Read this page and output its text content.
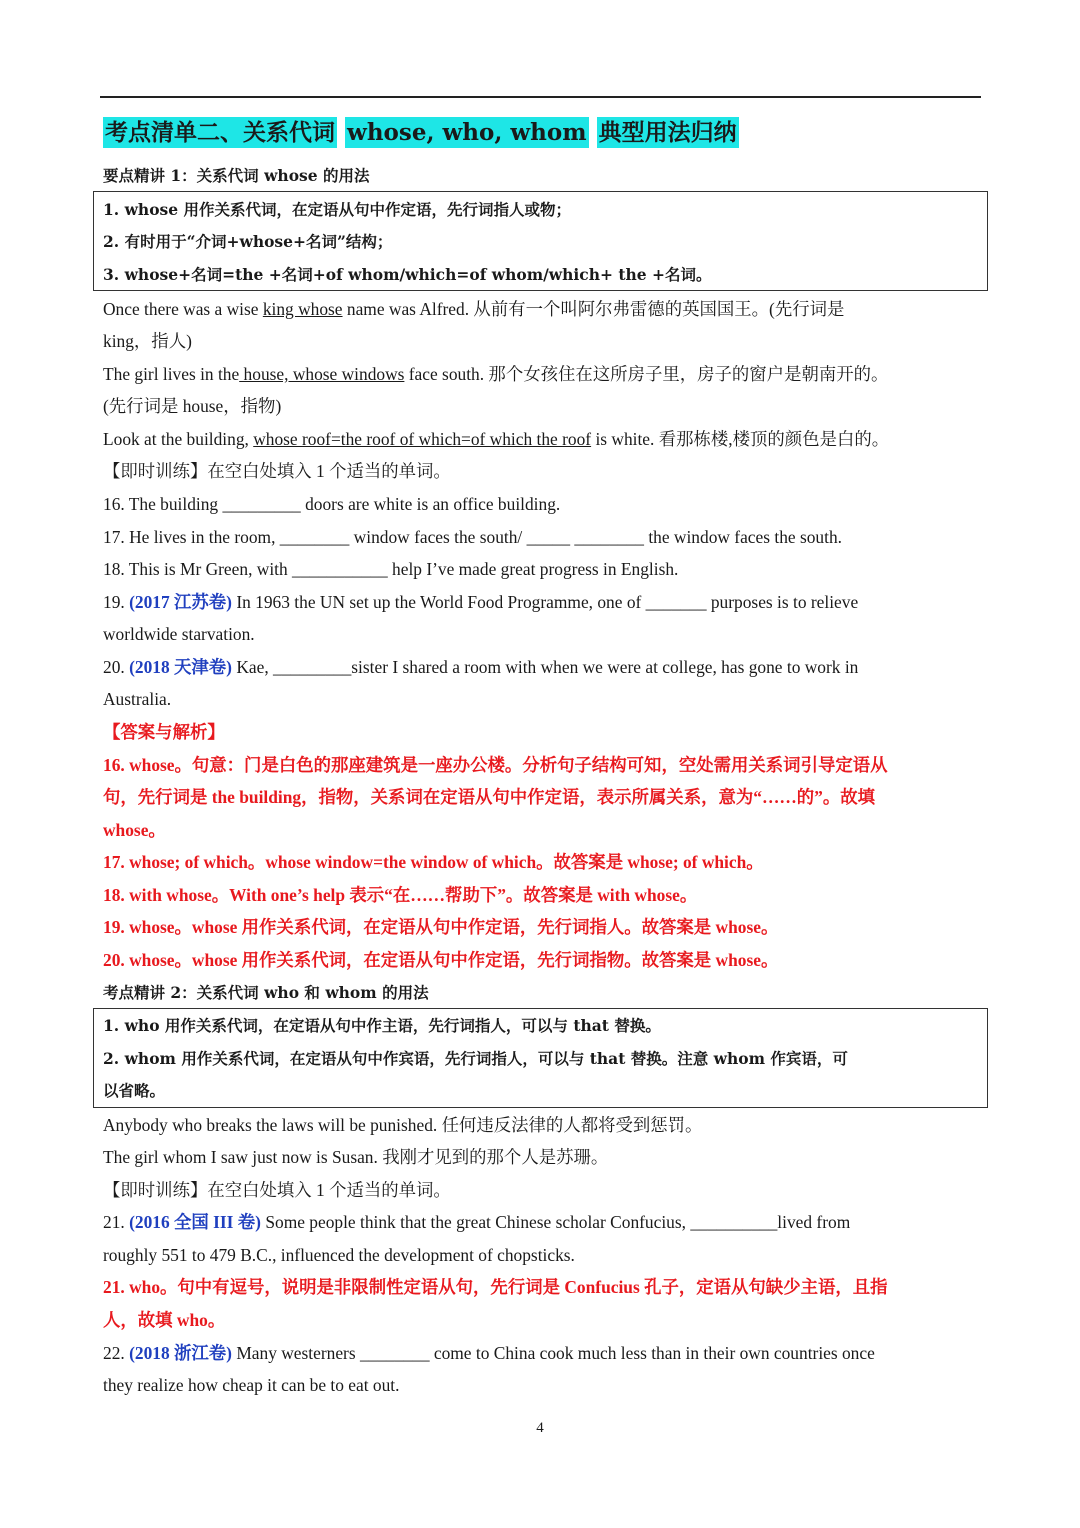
考点清单二、关系代词 whose, who, whom 典型用法归纳
要点精讲 1：关系代词 whose 的用法
1. whose 用作关系代词，在定语从句中作定语，先行词指人或物；
2. 有时用于“介词+whose+名词”结构；
3. whose+名词=the +名词+of whom/which=of whom/which+ the +名词。
Once there was a wise king whose name was Alfred. 从前有一个叫阿尔弗雷德的英国国王。(先行词是
king，指人)
The girl lives in the house, whose windows face south. 那个女孩住在这所房子里，房子的窗户是朝南开的。
(先行词是 house，指物)
Look at the building, whose roof=the roof of which=of which the roof is white. 看那栋楼,楼顶的颜色是白的。
【即时训练】在空白处填入 1 个适当的单词。
16. The building _________ doors are white is an office building.
17. He lives in the room, ________ window faces the south/ _____ ________ the window faces the south.
18. This is Mr Green, with ___________ help I’ve made great progress in English.
19. (2017 江苏卷) In 1963 the UN set up the World Food Programme, one of _______ purposes is to relieve
worldwide starvation.
20. (2018 天津卷) Kae, _________sister I shared a room with when we were at college, has gone to work in
Australia.
【答案与解析】
16. whose。句意：门是白色的那座建筑是一座办公楼。分析句子结构可知，空处需用关系词引导定语从
句，先行词是 the building，指物，关系词在定语从句中作定语，表示所属关系，意为“……的”。故填
whose。
17. whose; of which。whose window=the window of which。故答案是 whose; of which。
18. with whose。With one’s help 表示“在……帮助下”。故答案是 with whose。
19. whose。whose 用作关系代词，在定语从句中作定语，先行词指人。故答案是 whose。
20. whose。whose 用作关系代词，在定语从句中作定语，先行词指物。故答案是 whose。
考点精讲 2：关系代词 who 和 whom 的用法
1. who 用作关系代词，在定语从句中作主语，先行词指人，可以与 that 替换。
2. whom 用作关系代词，在定语从句中作宾语，先行词指人，可以与 that 替换。注意 whom 作宾语，可
以省略。
Anybody who breaks the laws will be punished. 任何违反法律的人都将受到惩罚。
The girl whom I saw just now is Susan. 我刚才见到的那个人是苏珊。
【即时训练】在空白处填入 1 个适当的单词。
21. (2016 全国 III 卷) Some people think that the great Chinese scholar Confucius, __________lived from
roughly 551 to 479 B.C., influenced the development of chopsticks.
21. who。句中有逗号，说明是非限制性定语从句，先行词是 Confucius 孔子，定语从句缺少主语，且指
人，故填 who。
22. (2018 浙江卷) Many westerners ________ come to China cook much less than in their own countries once
they realize how cheap it can be to eat out.
4
